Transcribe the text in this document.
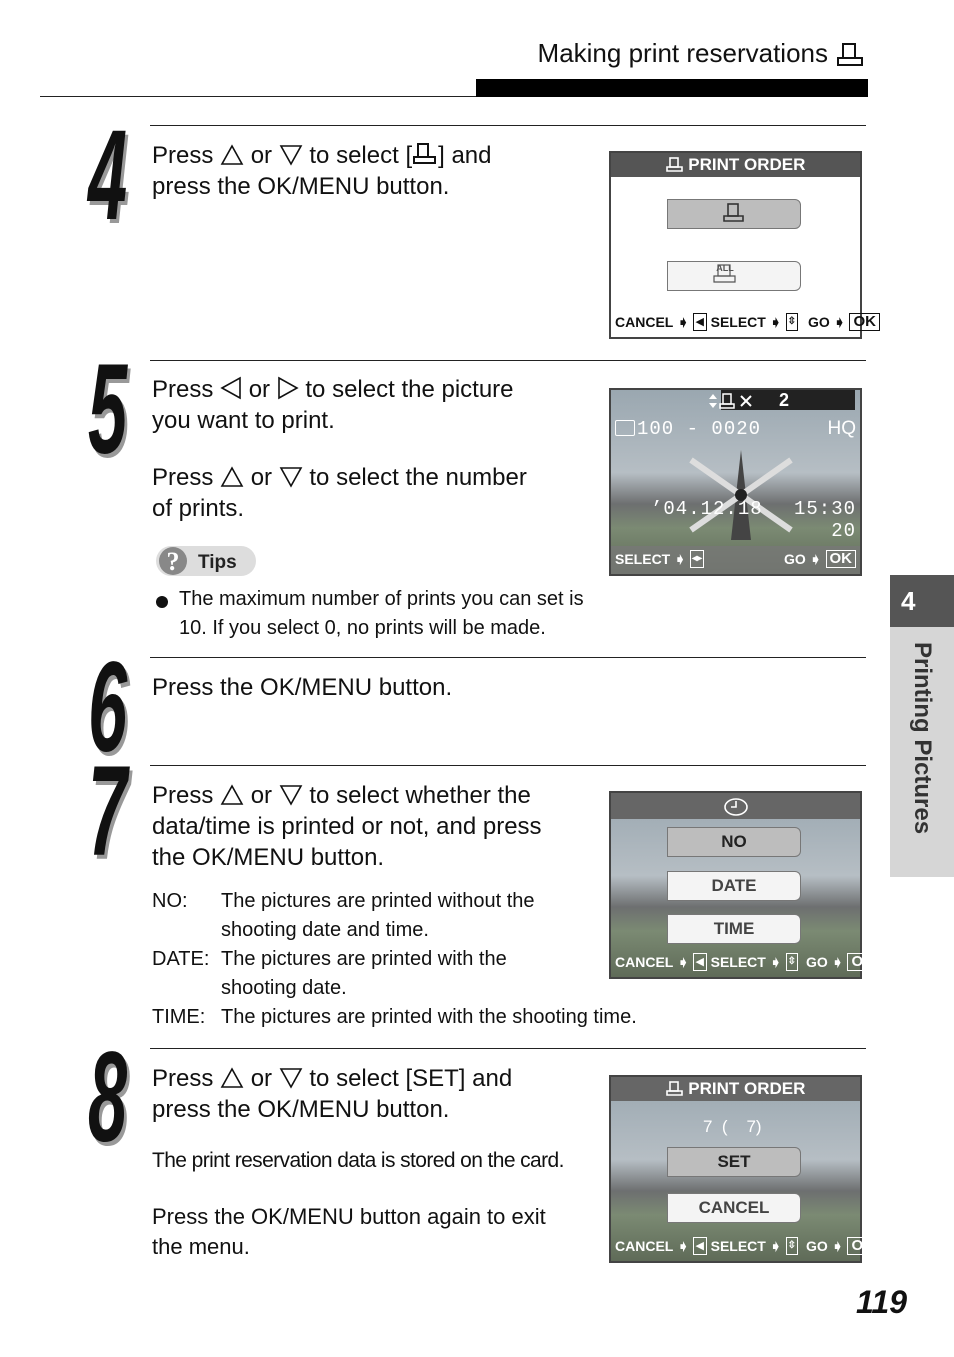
Making print reservations
4
Printing Pictures
4 Press or to select [ ] and
press the OK/MENU button.
PRINT ORDER
$^{ALL}$
CANCEL ➧ ◂ SELECT ➧ ⇳ GO ➧ OK
5 Press or to select the picture
you want to print.
Press or to select the number
of prints.
? Tips
The maximum number of prints you can set is
10. If you select 0, no prints will be made.
2
100 - 0020	HQ
’04.12.18 15:30
20
SELECT ➧ ◂▸	GO ➧ OK
6 Press the OK/MENU button.
7 Press or to select whether the
data/time is printed or not, and press
the OK/MENU button.
NO:	The pictures are printed without the
	shooting date and time.
DATE:	The pictures are printed with the
	shooting date.
TIME:	The pictures are printed with the shooting time.
NO
DATE
TIME
CANCEL ➧ ◂ SELECT ➧ ⇳ GO ➧ OK
8 Press or to select [SET] and
press the OK/MENU button.
The print reservation data is stored on the card.
Press the OK/MENU button again to exit
the menu.
PRINT ORDER
7  (    7)
SET
CANCEL
CANCEL ➧ ◂ SELECT ➧ ⇳ GO ➧ OK
119
